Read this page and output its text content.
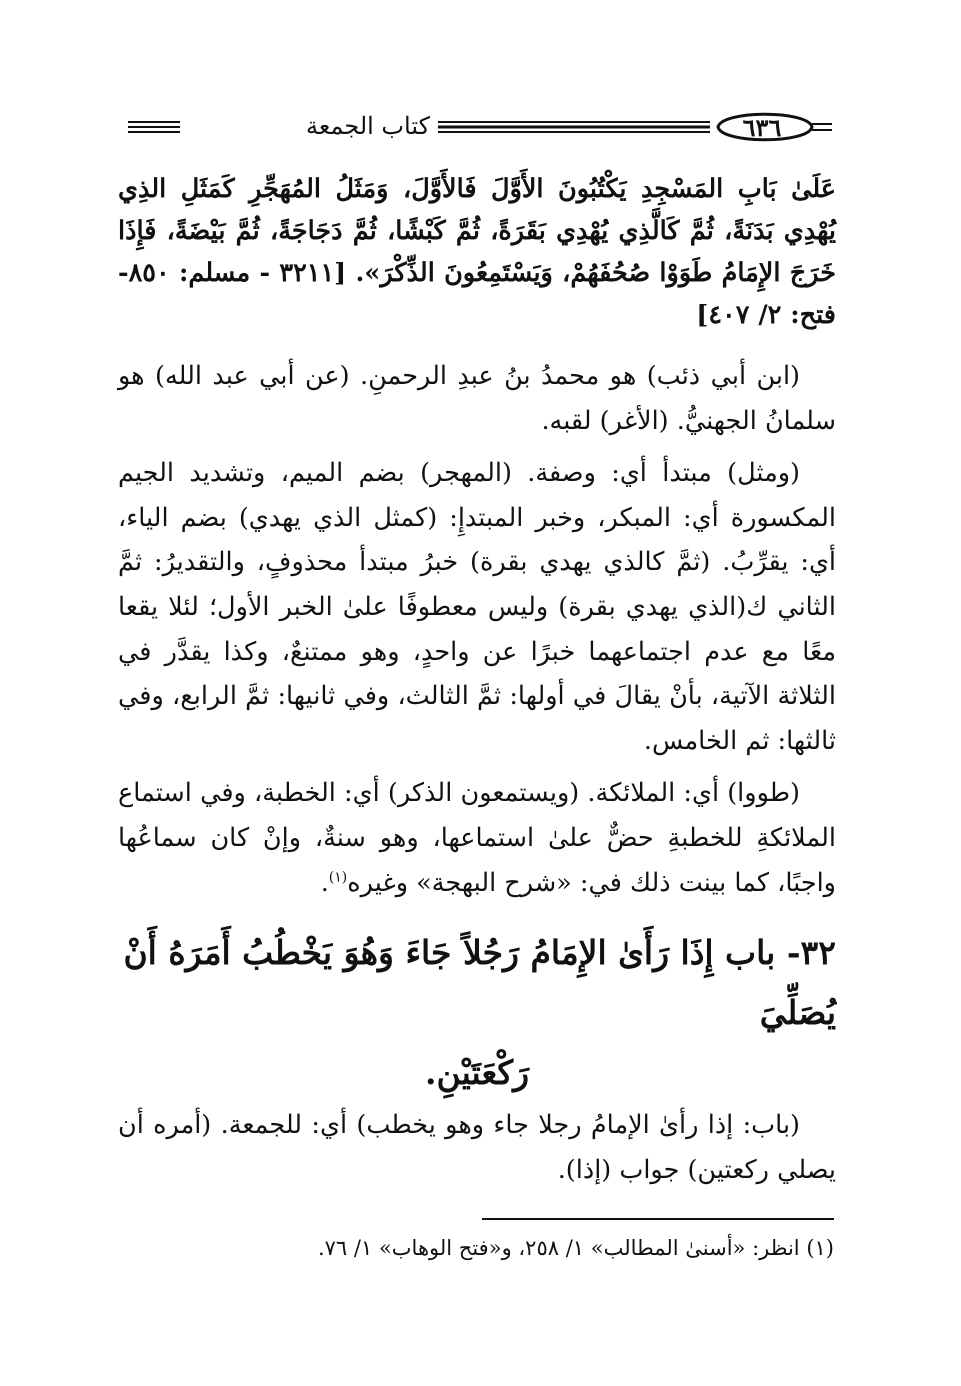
كتاب الجمعة	٦٣٦

عَلَىٰ بَابِ المَسْجِدِ يَكْتُبُونَ الأَوَّلَ فَالأَوَّلَ، وَمَثَلُ المُهَجِّرِ كَمَثَلِ الذِي يُهْدِي بَدَنَةً، ثُمَّ كَالَّذِي يُهْدِي بَقَرَةً، ثُمَّ كَبْشًا، ثُمَّ دَجَاجَةً، ثُمَّ بَيْضَةً، فَإِذَا خَرَجَ الإِمَامُ طَوَوْا صُحُفَهُمْ، وَيَسْتَمِعُونَ الذِّكْرَ». [٣٢١١ - مسلم: ٨٥٠- فتح: ٢/ ٤٠٧]

(ابن أبي ذئب) هو محمدُ بنُ عبدِ الرحمنِ. (عن أبي عبد الله) هو سلمانُ الجهنيُّ. (الأغر) لقبه.

(ومثل) مبتدأ أي: وصفة. (المهجر) بضم الميم، وتشديد الجيم المكسورة أي: المبكر، وخبر المبتدإِ: (كمثل الذي يهدي) بضم الياء، أي: يقرِّبُ. (ثمَّ كالذي يهدي بقرة) خبرُ مبتدأ محذوفٍ، والتقديرُ: ثمَّ الثاني ك(الذي يهدي بقرة) وليس معطوفًا علىٰ الخبر الأول؛ لئلا يقعا معًا مع عدم اجتماعهما خبرًا عن واحدٍ، وهو ممتنعٌ، وكذا يقدَّر في الثلاثة الآتية، بأنْ يقالَ في أولها: ثمَّ الثالث، وفي ثانيها: ثمَّ الرابع، وفي ثالثها: ثم الخامس.

(طووا) أي: الملائكة. (ويستمعون الذكر) أي: الخطبة، وفي استماع الملائكةِ للخطبةِ حضٌّ علىٰ استماعها، وهو سنةٌ، وإنْ كان سماعُها واجبًا، كما بينت ذلك في: «شرح البهجة» وغيره$^{(١)}$.

٣٢- باب إِذَا رَأَىٰ الإِمَامُ رَجُلاً جَاءَ وَهُوَ يَخْطُبُ أَمَرَهُ أَنْ يُصَلِّيَ
رَكْعَتَيْنِ.

(باب: إذا رأىٰ الإمامُ رجلا جاء وهو يخطب) أي: للجمعة. (أمره أن يصلي ركعتين) جواب (إذا).

(١) انظر: «أسنىٰ المطالب» ١/ ٢٥٨، و«فتح الوهاب» ١/ ٧٦.
